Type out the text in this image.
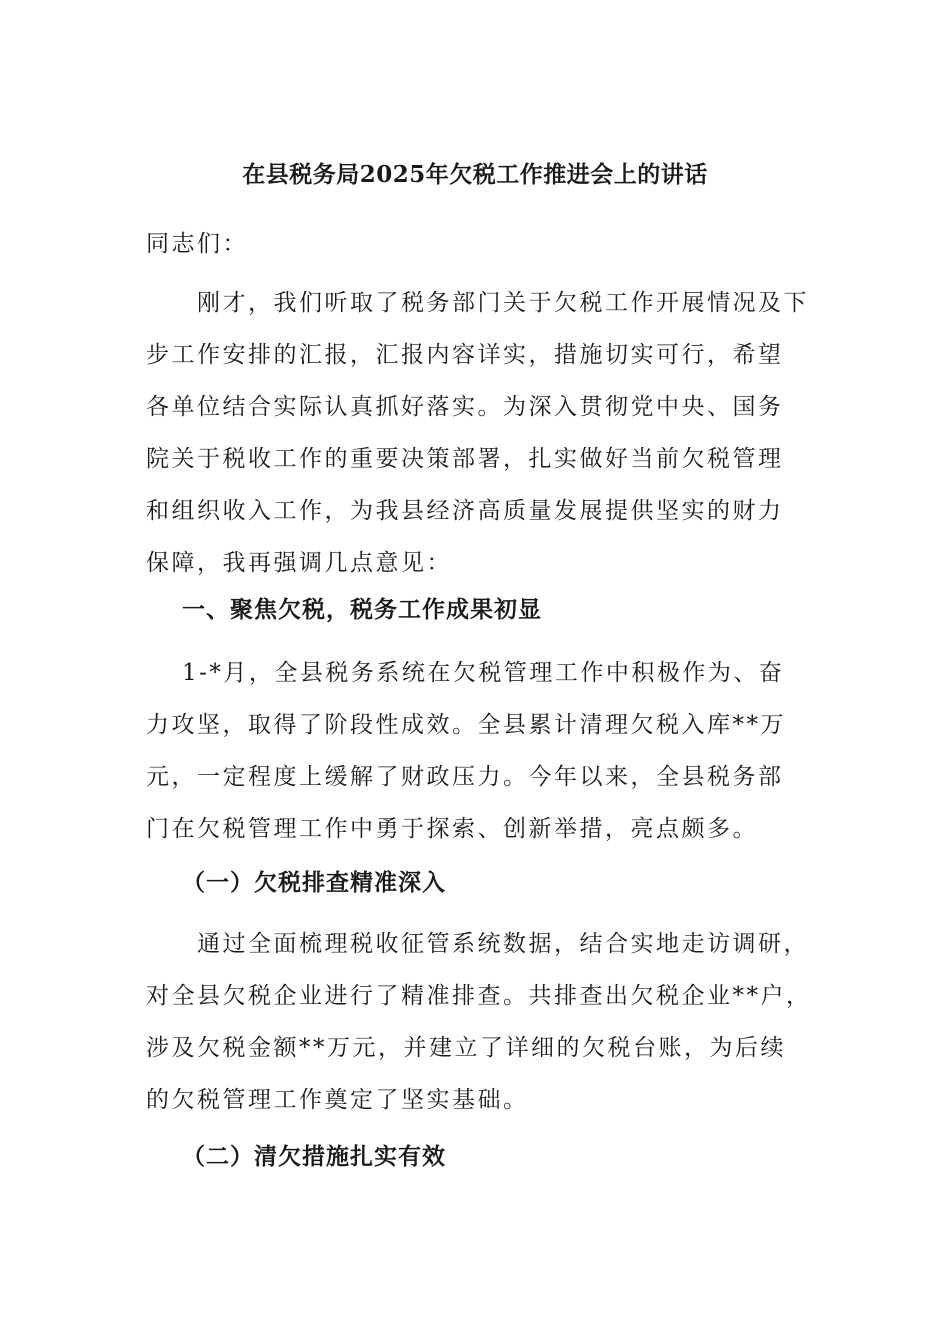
在县税务局2025年欠税工作推进会上的讲话

同志们：

　　刚才，我们听取了税务部门关于欠税工作开展情况及下
步工作安排的汇报，汇报内容详实，措施切实可行，希望
各单位结合实际认真抓好落实。为深入贯彻党中央、国务
院关于税收工作的重要决策部署，扎实做好当前欠税管理
和组织收入工作，为我县经济高质量发展提供坚实的财力
保障，我再强调几点意见：

一、聚焦欠税，税务工作成果初显

1-*月，全县税务系统在欠税管理工作中积极作为、奋
力攻坚，取得了阶段性成效。全县累计清理欠税入库**万
元，一定程度上缓解了财政压力。今年以来，全县税务部
门在欠税管理工作中勇于探索、创新举措，亮点颇多。

（一）欠税排查精准深入

　　通过全面梳理税收征管系统数据，结合实地走访调研，
对全县欠税企业进行了精准排查。共排查出欠税企业**户，
涉及欠税金额**万元，并建立了详细的欠税台账，为后续
的欠税管理工作奠定了坚实基础。

（二）清欠措施扎实有效
